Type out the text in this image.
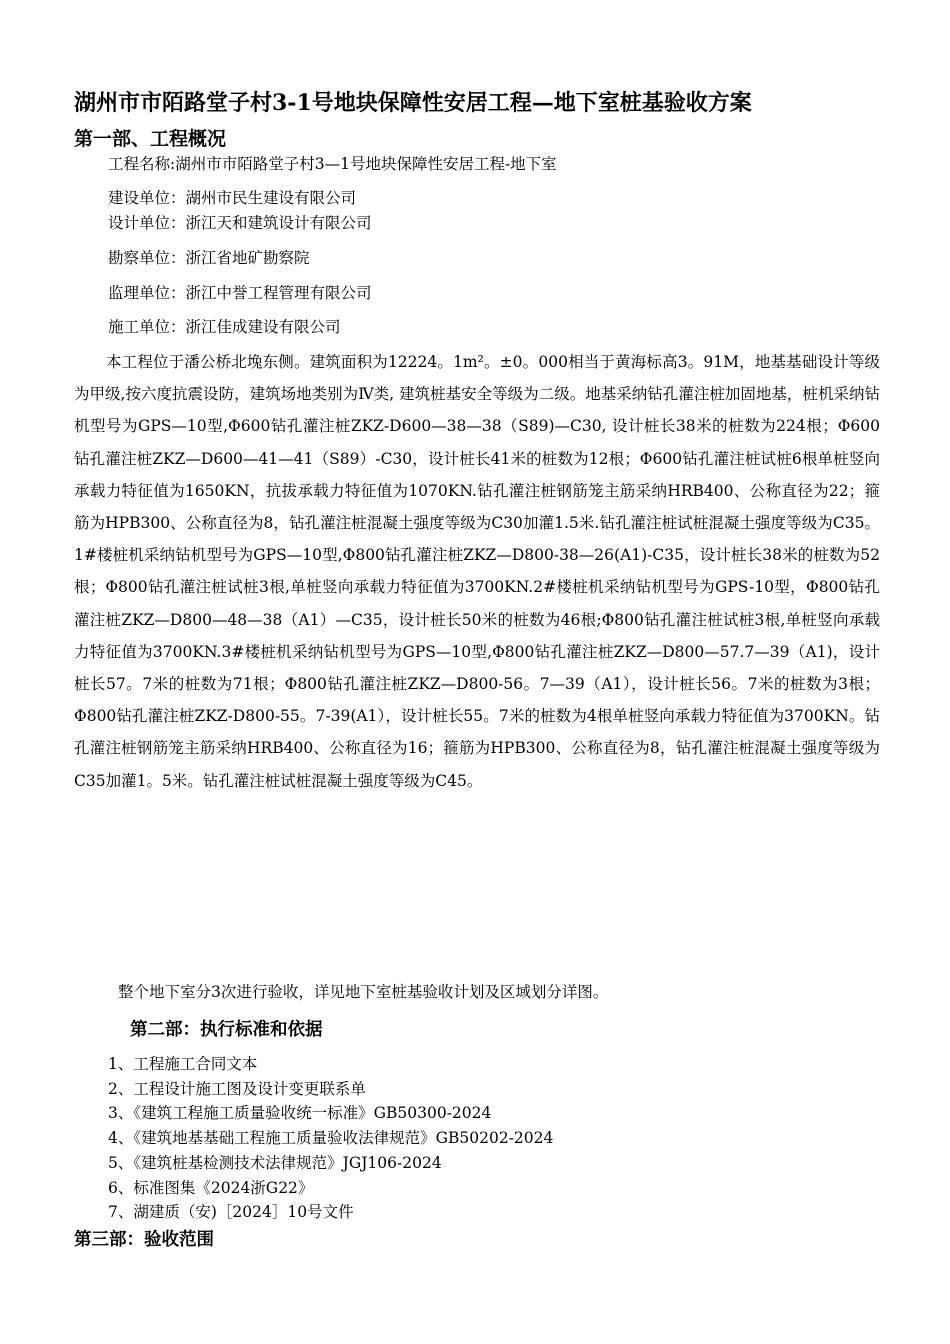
湖州市市陌路堂子村3-1号地块保障性安居工程—地下室桩基验收方案
第一部、工程概况
工程名称:湖州市市陌路堂子村3—1号地块保障性安居工程-地下室
建设单位：湖州市民生建设有限公司
设计单位：浙江天和建筑设计有限公司
勘察单位：浙江省地矿勘察院
监理单位：浙江中誉工程管理有限公司
施工单位：浙江佳成建设有限公司

本工程位于潘公桥北堍东侧。建筑面积为12224。1m²。±0。000相当于黄海标高3。91M，地基基础设计等级为甲级,按六度抗震设防，建筑场地类别为Ⅳ类, 建筑桩基安全等级为二级。地基采纳钻孔灌注桩加固地基，桩机采纳钻机型号为GPS—10型,Φ600钻孔灌注桩ZKZ-D600—38—38（S89)—C30, 设计桩长38米的桩数为224根；Φ600钻孔灌注桩ZKZ—D600—41—41（S89）-C30，设计桩长41米的桩数为12根；Φ600钻孔灌注桩试桩6根单桩竖向承载力特征值为1650KN，抗拔承载力特征值为1070KN.钻孔灌注桩钢筋笼主筋采纳HRB400、公称直径为22；箍筋为HPB300、公称直径为8，钻孔灌注桩混凝土强度等级为C30加灌1.5米.钻孔灌注桩试桩混凝土强度等级为C35。1#楼桩机采纳钻机型号为GPS—10型,Φ800钻孔灌注桩ZKZ—D800-38—26(A1)-C35，设计桩长38米的桩数为52根；Φ800钻孔灌注桩试桩3根,单桩竖向承载力特征值为3700KN.2#楼桩机采纳钻机型号为GPS-10型，Φ800钻孔灌注桩ZKZ—D800—48—38（A1）—C35，设计桩长50米的桩数为46根;Φ800钻孔灌注桩试桩3根,单桩竖向承载力特征值为3700KN.3#楼桩机采纳钻机型号为GPS—10型,Φ800钻孔灌注桩ZKZ—D800—57.7—39（A1)，设计桩长57。7米的桩数为71根；Φ800钻孔灌注桩ZKZ—D800-56。7—39（A1），设计桩长56。7米的桩数为3根；Φ800钻孔灌注桩ZKZ-D800-55。7-39(A1），设计桩长55。7米的桩数为4根单桩竖向承载力特征值为3700KN。钻孔灌注桩钢筋笼主筋采纳HRB400、公称直径为16；箍筋为HPB300、公称直径为8，钻孔灌注桩混凝土强度等级为C35加灌1。5米。钻孔灌注桩试桩混凝土强度等级为C45。

整个地下室分3次进行验收，详见地下室桩基验收计划及区域划分详图。
第二部：执行标准和依据
1、工程施工合同文本
2、工程设计施工图及设计变更联系单
3、《建筑工程施工质量验收统一标准》GB50300-2024
4、《建筑地基基础工程施工质量验收法律规范》GB50202-2024
5、《建筑桩基检测技术法律规范》JGJ106-2024
6、标准图集《2024浙G22》
7、湖建质（安)［2024］10号文件
第三部：验收范围
